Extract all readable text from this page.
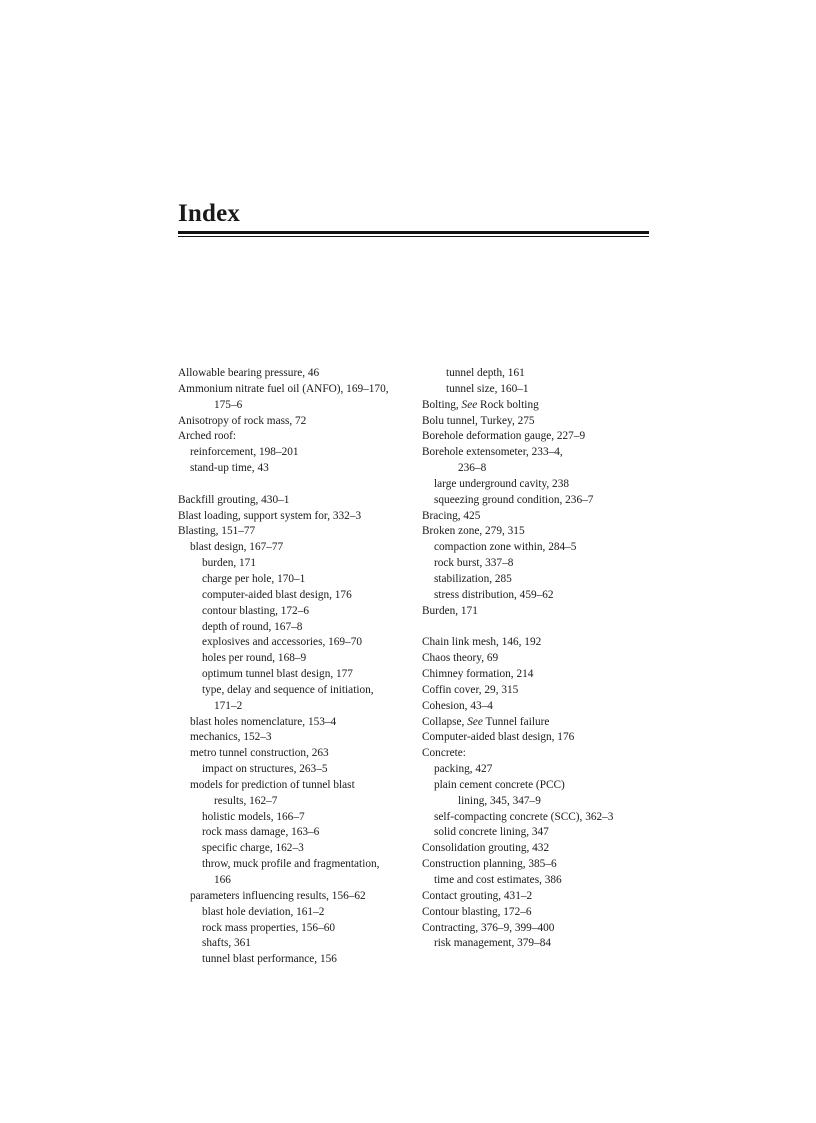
Index
Allowable bearing pressure, 46
Ammonium nitrate fuel oil (ANFO), 169–170,
175–6
Anisotropy of rock mass, 72
Arched roof:
reinforcement, 198–201
stand-up time, 43
Backfill grouting, 430–1
Blast loading, support system for, 332–3
Blasting, 151–77
blast design, 167–77
burden, 171
charge per hole, 170–1
computer-aided blast design, 176
contour blasting, 172–6
depth of round, 167–8
explosives and accessories, 169–70
holes per round, 168–9
optimum tunnel blast design, 177
type, delay and sequence of initiation,
171–2
blast holes nomenclature, 153–4
mechanics, 152–3
metro tunnel construction, 263
impact on structures, 263–5
models for prediction of tunnel blast
results, 162–7
holistic models, 166–7
rock mass damage, 163–6
specific charge, 162–3
throw, muck profile and fragmentation,
166
parameters influencing results, 156–62
blast hole deviation, 161–2
rock mass properties, 156–60
shafts, 361
tunnel blast performance, 156
tunnel depth, 161
tunnel size, 160–1
Bolting, See Rock bolting
Bolu tunnel, Turkey, 275
Borehole deformation gauge, 227–9
Borehole extensometer, 233–4,
236–8
large underground cavity, 238
squeezing ground condition, 236–7
Bracing, 425
Broken zone, 279, 315
compaction zone within, 284–5
rock burst, 337–8
stabilization, 285
stress distribution, 459–62
Burden, 171
Chain link mesh, 146, 192
Chaos theory, 69
Chimney formation, 214
Coffin cover, 29, 315
Cohesion, 43–4
Collapse, See Tunnel failure
Computer-aided blast design, 176
Concrete:
packing, 427
plain cement concrete (PCC)
lining, 345, 347–9
self-compacting concrete (SCC), 362–3
solid concrete lining, 347
Consolidation grouting, 432
Construction planning, 385–6
time and cost estimates, 386
Contact grouting, 431–2
Contour blasting, 172–6
Contracting, 376–9, 399–400
risk management, 379–84
